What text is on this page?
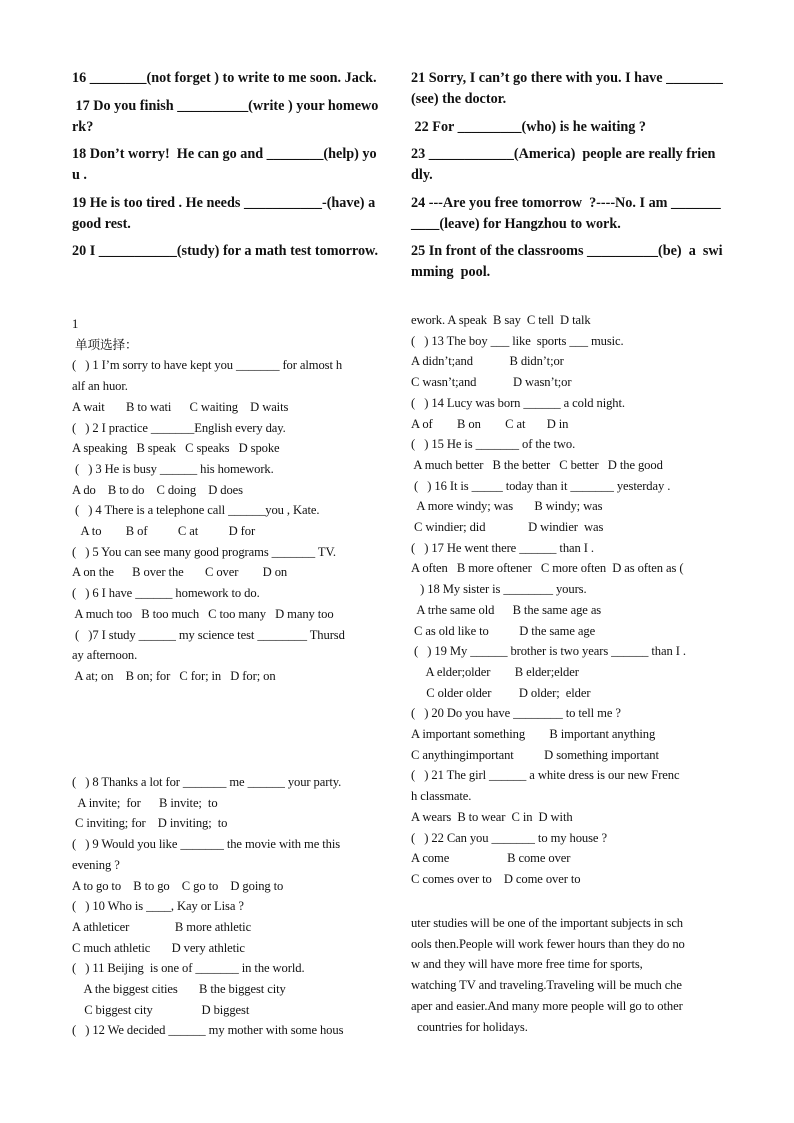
16 ________(not forget ) to write to me soon. Jack.

17 Do you finish __________(write ) your homework?

18 Don’t worry!  He can go and ________(help) you .

19 He is too tired . He needs ___________-(have) a good rest.

20 I ___________(study) for a math test tomorrow.

21 Sorry, I can’t go there with you. I have ________(see) the doctor.

22 For _________(who) is he waiting ?

23 ____________(America)  people are really friendly.

24 ---Are you free tomorrow  ?----No. I am ___________(leave) for Hangzhou to work.

25 In front of the classrooms __________(be)  a  swimming  pool.

1

单项选择：

(   ) 1 I’m sorry to have kept you _______ for almost h

alf an huor.

A wait       B to wati      C waiting    D waits

(   ) 2 I practice _______English every day.

A speaking   B speak   C speaks   D spoke

(   ) 3 He is busy ______ his homework.

A do    B to do    C doing    D does

(   ) 4 There is a telephone call ______you , Kate.

A to        B of          C at          D for

(   ) 5 You can see many good programs _______ TV.

A on the      B over the       C over        D on

(   ) 6 I have ______ homework to do.

A much too   B too much   C too many   D many too

(   )7 I study ______ my science test ________ Thursd

ay afternoon.

A at; on    B on; for   C for; in   D for; on

(   ) 8 Thanks a lot for _______ me ______ your party.

A invite;  for      B invite;  to

C inviting; for    D inviting;  to

(   ) 9 Would you like _______ the movie with me this

evening ?

A to go to    B to go    C go to    D going to

(   ) 10 Who is ____, Kay or Lisa ?

A athleticer               B more athletic

C much athletic       D very athletic

(   ) 11 Beijing  is one of _______ in the world.

A the biggest cities       B the biggest city

C biggest city                D biggest

(   ) 12 We decided ______ my mother with some hous

ework. A speak  B say  C tell  D talk

(   ) 13 The boy ___ like  sports ___ music.

A didn’t;and            B didn’t;or

C wasn’t;and            D wasn’t;or

(   ) 14 Lucy was born ______ a cold night.

A of        B on        C at       D in

(   ) 15 He is _______ of the two.

A much better   B the better   C better   D the good

(   ) 16 It is _____ today than it _______ yesterday .

A more windy; was       B windy; was

C windier; did              D windier  was

(   ) 17 He went there ______ than I .

A often   B more oftener   C more often  D as often as (

) 18 My sister is ________ yours.

A trhe same old      B the same age as

C as old like to          D the same age

(   ) 19 My ______ brother is two years ______ than I .

A elder;older        B elder;elder

C older older         D older;  elder

(   ) 20 Do you have ________ to tell me ?

A important something        B important anything

C anythingimportant          D something important

(   ) 21 The girl ______ a white dress is our new Frenc

h classmate.

A wears  B to wear  C in  D with

(   ) 22 Can you _______ to my house ?

A come                   B come over

C comes over to    D come over to

uter studies will be one of the important subjects in sch

ools then.People will work fewer hours than they do no

w and they will have more free time for sports,

watching TV and traveling.Traveling will be much che

aper and easier.And many more people will go to other

countries for holidays.
